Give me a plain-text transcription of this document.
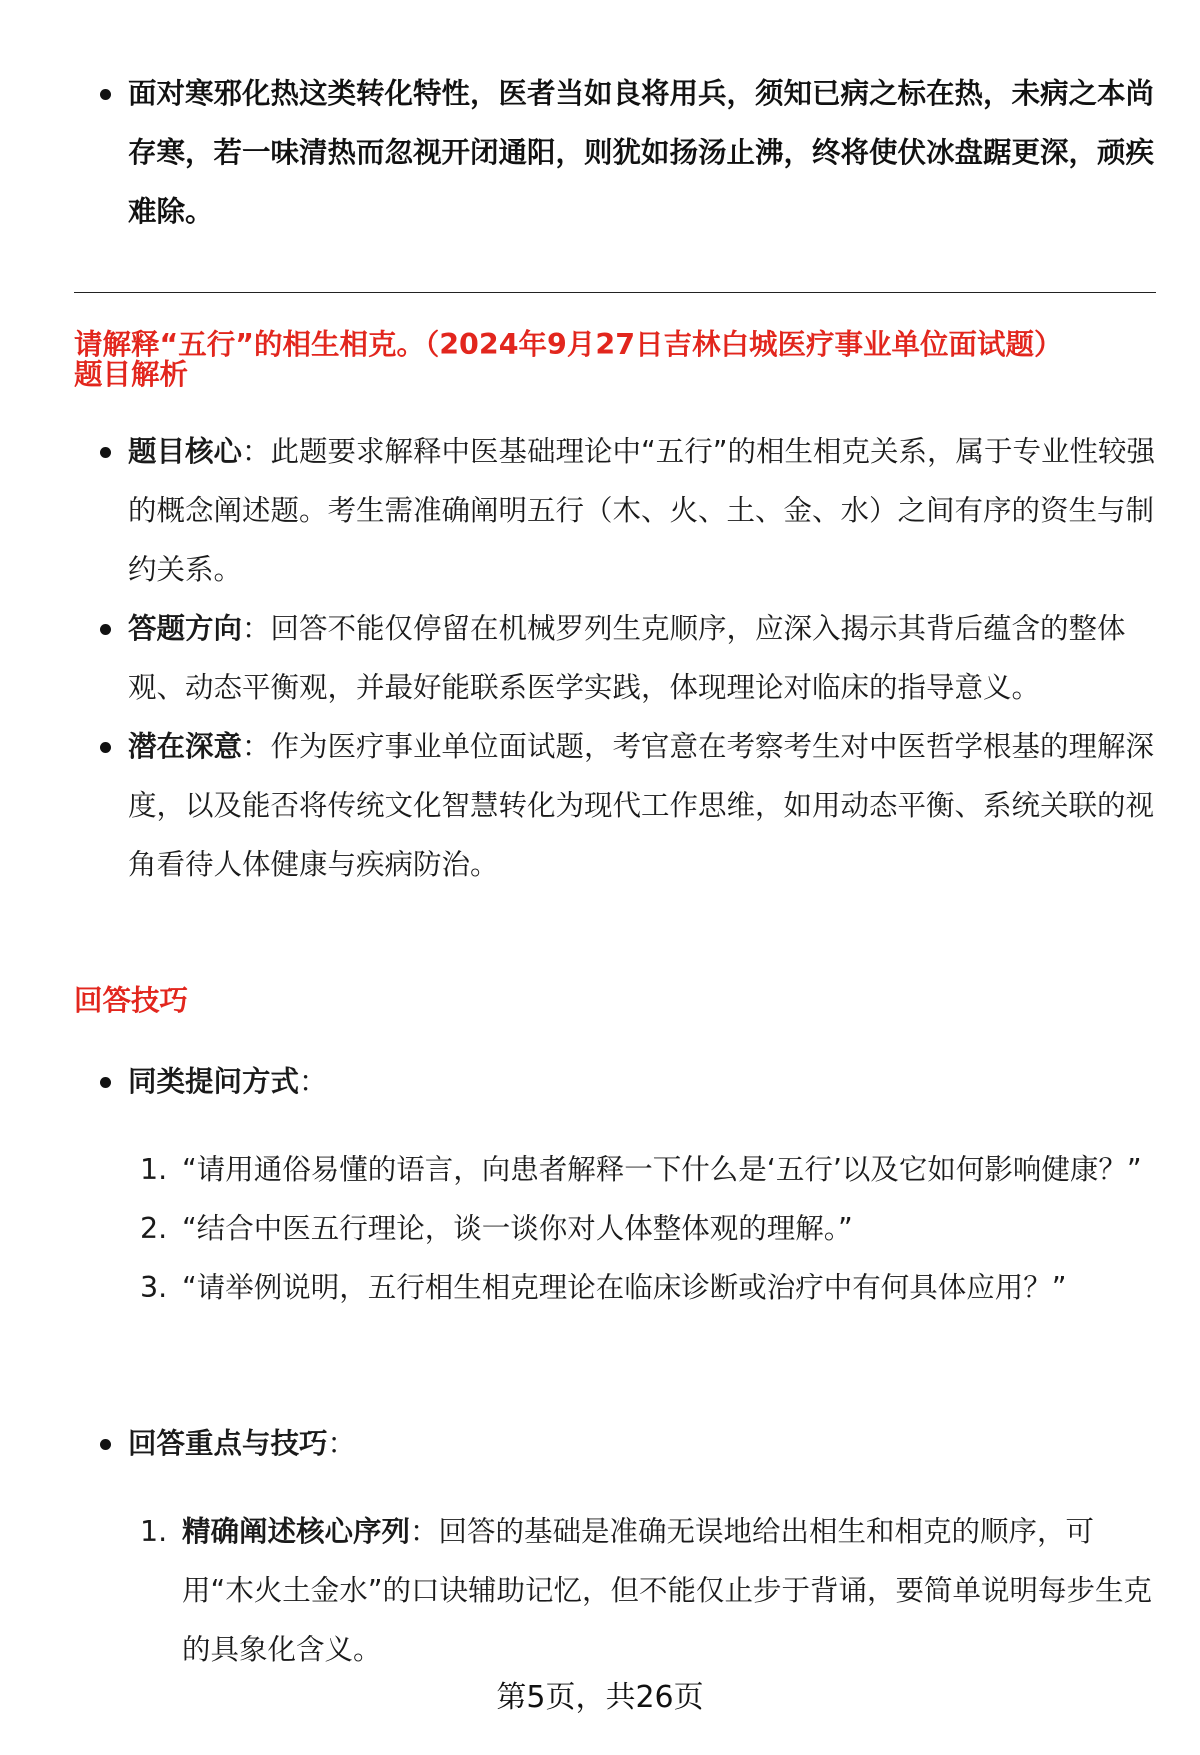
面对寒邪化热这类转化特性，医者当如良将用兵，须知已病之标在热，未病之本尚存寒，若一味清热而忽视开闭通阳，则犹如扬汤止沸，终将使伏冰盘踞更深，顽疾难除。
请解释“五行”的相生相克。（2024年9月27日吉林白城医疗事业单位面试题）
题目解析
题目核心：此题要求解释中医基础理论中“五行”的相生相克关系，属于专业性较强的概念阐述题。考生需准确阐明五行（木、火、土、金、水）之间有序的资生与制约关系。
答题方向：回答不能仅停留在机械罗列生克顺序，应深入揭示其背后蕴含的整体观、动态平衡观，并最好能联系医学实践，体现理论对临床的指导意义。
潜在深意：作为医疗事业单位面试题，考官意在考察考生对中医哲学根基的理解深度，以及能否将传统文化智慧转化为现代工作思维，如用动态平衡、系统关联的视角看待人体健康与疾病防治。
回答技巧
同类提问方式：
1. “请用通俗易懂的语言，向患者解释一下什么是‘五行’以及它如何影响健康？”
2. “结合中医五行理论，谈一谈你对人体整体观的理解。”
3. “请举例说明，五行相生相克理论在临床诊断或治疗中有何具体应用？”
回答重点与技巧：
1. 精确阐述核心序列：回答的基础是准确无误地给出相生和相克的顺序，可用“木火土金水”的口诀辅助记忆，但不能仅止步于背诵，要简单说明每步生克的具象化含义。
第5页，共26页
